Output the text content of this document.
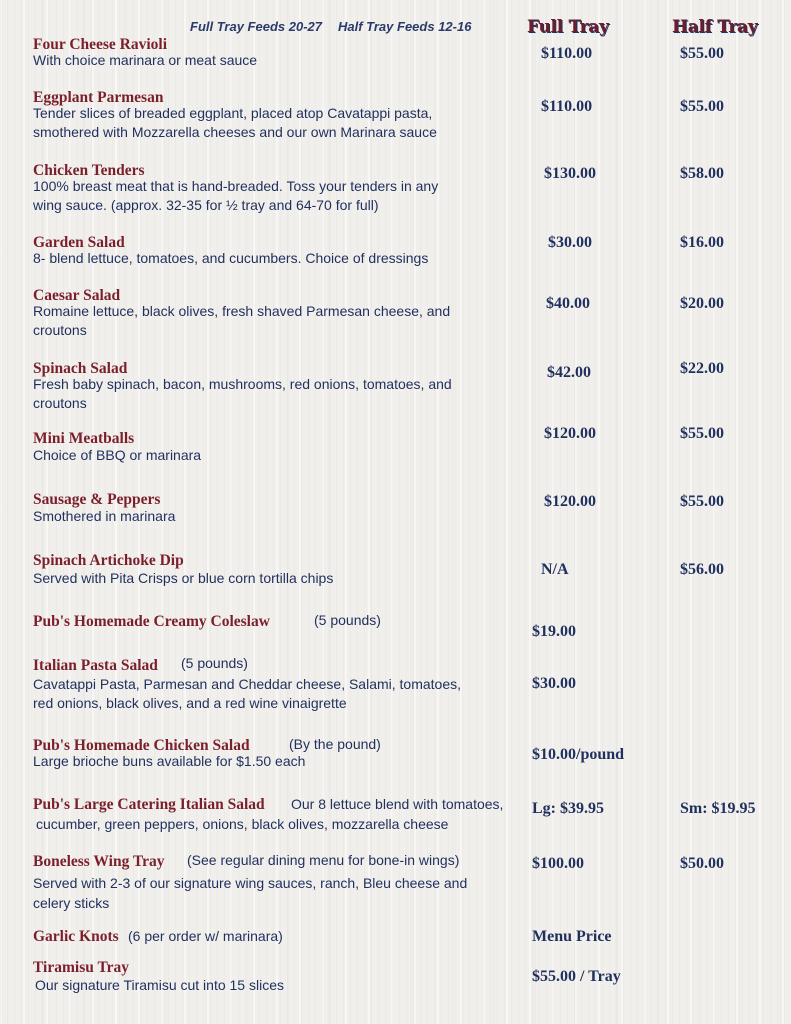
Full Tray Feeds 20-27 Half Tray Feeds 12-16	Full Tray	Half Tray
Four Cheese Ravioli
With choice marinara or meat sauce	$110.00	$55.00
Eggplant Parmesan
Tender slices of breaded eggplant, placed atop Cavatappi pasta,
smothered with Mozzarella cheeses and our own Marinara sauce
$110.00	$55.00
Chicken Tenders
100% breast meat that is hand-breaded. Toss your tenders in any
wing sauce. (approx. 32-35 for ½ tray and 64-70 for full)
$130.00	$58.00
Garden Salad
8- blend lettuce, tomatoes, and cucumbers. Choice of dressings
$30.00	$16.00
Caesar Salad
Romaine lettuce, black olives, fresh shaved Parmesan cheese, and
croutons
$40.00	$20.00
Spinach Salad
Fresh baby spinach, bacon, mushrooms, red onions, tomatoes, and
croutons
$42.00	$22.00
Mini Meatballs
Choice of BBQ or marinara
$120.00	$55.00
Sausage & Peppers
Smothered in marinara
$120.00	$55.00
Spinach Artichoke Dip
Served with Pita Crisps or blue corn tortilla chips	N/A	$56.00
Pub's Homemade Creamy Coleslaw	(5 pounds)
$19.00
Italian Pasta Salad (5 pounds)
Cavatappi Pasta, Parmesan and Cheddar cheese, Salami, tomatoes,
red onions, black olives, and a red wine vinaigrette
$30.00
Pub's Homemade Chicken Salad	(By the pound)
Large brioche buns available for $1.50 each	$10.00/pound
Pub's Large Catering Italian Salad Our 8 lettuce blend with tomatoes,
cucumber, green peppers, onions, black olives, mozzarella cheese
Lg: $39.95	Sm: $19.95
Boneless Wing Tray (See regular dining menu for bone-in wings)
Served with 2-3 of our signature wing sauces, ranch, Bleu cheese and
celery sticks
$100.00	$50.00
Garlic Knots (6 per order w/ marinara)	Menu Price
Tiramisu Tray
Our signature Tiramisu cut into 15 slices	$55.00 / Tray
